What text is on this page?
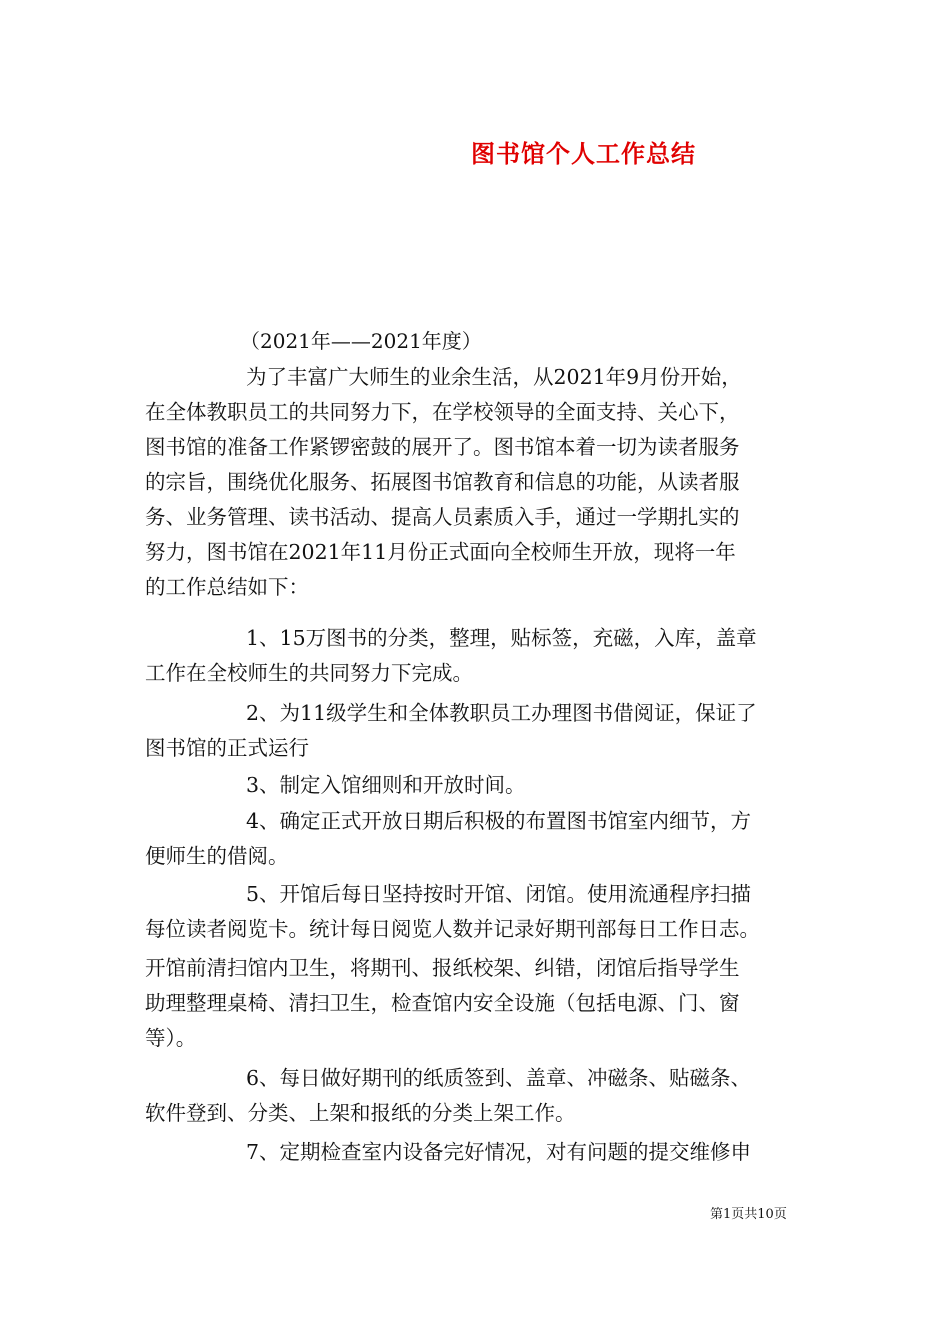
图书馆个人工作总结
（2021年——2021年度）
为了丰富广大师生的业余生活，从2021年9月份开始，
在全体教职员工的共同努力下，在学校领导的全面支持、关心下，
图书馆的准备工作紧锣密鼓的展开了。图书馆本着一切为读者服务
的宗旨，围绕优化服务、拓展图书馆教育和信息的功能，从读者服
务、业务管理、读书活动、提高人员素质入手，通过一学期扎实的
努力，图书馆在2021年11月份正式面向全校师生开放，现将一年
的工作总结如下：
1、15万图书的分类，整理，贴标签，充磁，入库，盖章
工作在全校师生的共同努力下完成。
2、为11级学生和全体教职员工办理图书借阅证，保证了
图书馆的正式运行
3、制定入馆细则和开放时间。
4、确定正式开放日期后积极的布置图书馆室内细节，方
便师生的借阅。
5、开馆后每日坚持按时开馆、闭馆。使用流通程序扫描
每位读者阅览卡。统计每日阅览人数并记录好期刊部每日工作日志。
开馆前清扫馆内卫生，将期刊、报纸校架、纠错，闭馆后指导学生
助理整理桌椅、清扫卫生，检查馆内安全设施（包括电源、门、窗
等）。
6、每日做好期刊的纸质签到、盖章、冲磁条、贴磁条、
软件登到、分类、上架和报纸的分类上架工作。
7、定期检查室内设备完好情况，对有问题的提交维修申
第1页共10页
